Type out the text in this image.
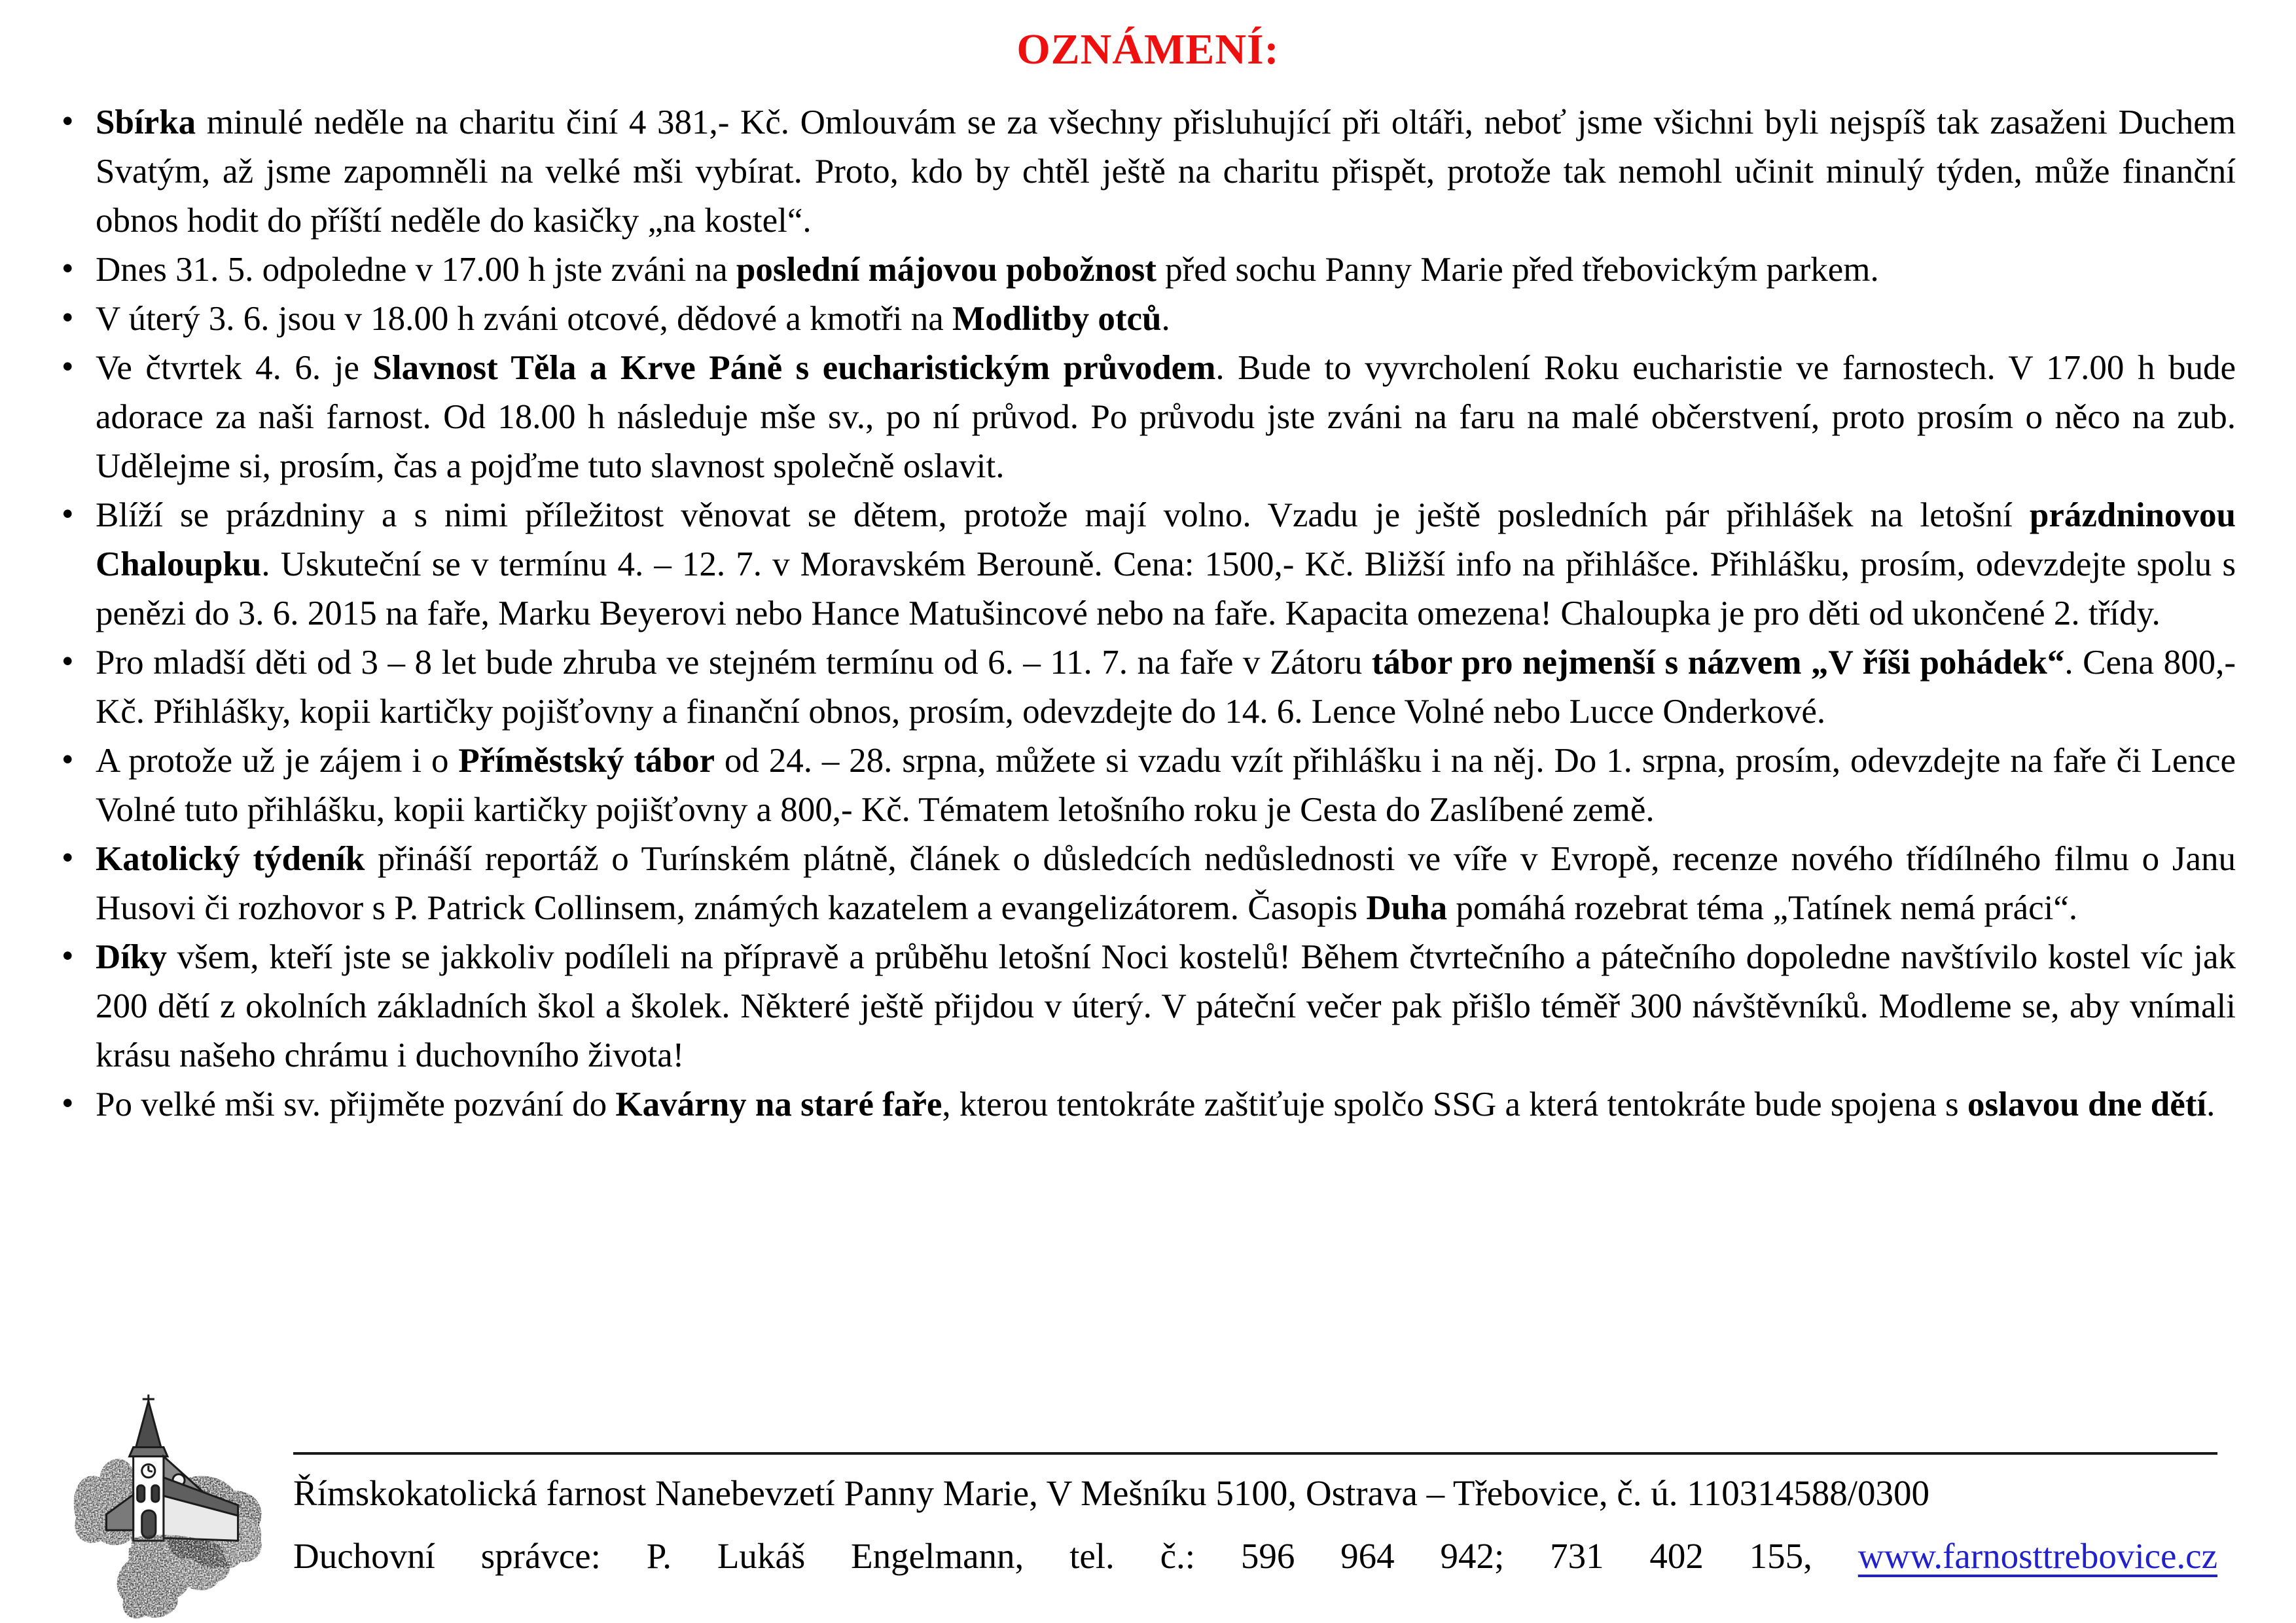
OZNÁMENÍ:
• Sbírka minulé neděle na charitu činí 4 381,- Kč. Omlouvám se za všechny přisluhující při oltáři, neboť jsme všichni byli nejspíš tak zasaženi Duchem Svatým, až jsme zapomněli na velké mši vybírat. Proto, kdo by chtěl ještě na charitu přispět, protože tak nemohl učinit minulý týden, může finanční obnos hodit do příští neděle do kasičky „na kostel“.
• Dnes 31. 5. odpoledne v 17.00 h jste zváni na poslední májovou pobožnost před sochu Panny Marie před třebovickým parkem.
• V úterý 3. 6. jsou v 18.00 h zváni otcové, dědové a kmotři na Modlitby otců.
• Ve čtvrtek 4. 6. je Slavnost Těla a Krve Páně s eucharistickým průvodem. Bude to vyvrcholení Roku eucharistie ve farnostech. V 17.00 h bude adorace za naši farnost. Od 18.00 h následuje mše sv., po ní průvod. Po průvodu jste zváni na faru na malé občerstvení, proto prosím o něco na zub. Udělejme si, prosím, čas a pojďme tuto slavnost společně oslavit.
• Blíží se prázdniny a s nimi příležitost věnovat se dětem, protože mají volno. Vzadu je ještě posledních pár přihlášek na letošní prázdninovou Chaloupku. Uskuteční se v termínu 4. – 12. 7. v Moravském Berouně. Cena: 1500,- Kč. Bližší info na přihlášce. Přihlášku, prosím, odevzdejte spolu s penězi do 3. 6. 2015 na faře, Marku Beyerovi nebo Hance Matušincové nebo na faře. Kapacita omezena! Chaloupka je pro děti od ukončené 2. třídy.
• Pro mladší děti od 3 – 8 let bude zhruba ve stejném termínu od 6. – 11. 7. na faře v Zátoru tábor pro nejmenší s názvem „V říši pohádek“. Cena 800,- Kč. Přihlášky, kopii kartičky pojišťovny a finanční obnos, prosím, odevzdejte do 14. 6. Lence Volné nebo Lucce Onderkové.
• A protože už je zájem i o Příměstský tábor od 24. – 28. srpna, můžete si vzadu vzít přihlášku i na něj. Do 1. srpna, prosím, odevzdejte na faře či Lence Volné tuto přihlášku, kopii kartičky pojišťovny a 800,- Kč. Tématem letošního roku je Cesta do Zaslíbené země.
• Katolický týdeník přináší reportáž o Turínském plátně, článek o důsledcích nedůslednosti ve víře v Evropě, recenze nového třídílného filmu o Janu Husovi či rozhovor s P. Patrick Collinsem, známých kazatelem a evangelizátorem. Časopis Duha pomáhá rozebrat téma „Tatínek nemá práci“.
• Díky všem, kteří jste se jakkoliv podíleli na přípravě a průběhu letošní Noci kostelů! Během čtvrtečního a pátečního dopoledne navštívilo kostel víc jak 200 dětí z okolních základních škol a školek. Některé ještě přijdou v úterý. V páteční večer pak přišlo téměř 300 návštěvníků. Modleme se, aby vnímali krásu našeho chrámu i duchovního života!
• Po velké mši sv. přijměte pozvání do Kavárny na staré faře, kterou tentokráte zaštiťuje spolčo SSG a která tentokráte bude spojena s oslavou dne dětí.

Římskokatolická farnost Nanebevzetí Panny Marie, V Mešníku 5100, Ostrava – Třebovice, č. ú. 110314588/0300

Duchovní správce: P. Lukáš Engelmann, tel. č.: 596 964 942; 731 402 155, www.farnosttrebovice.cz
